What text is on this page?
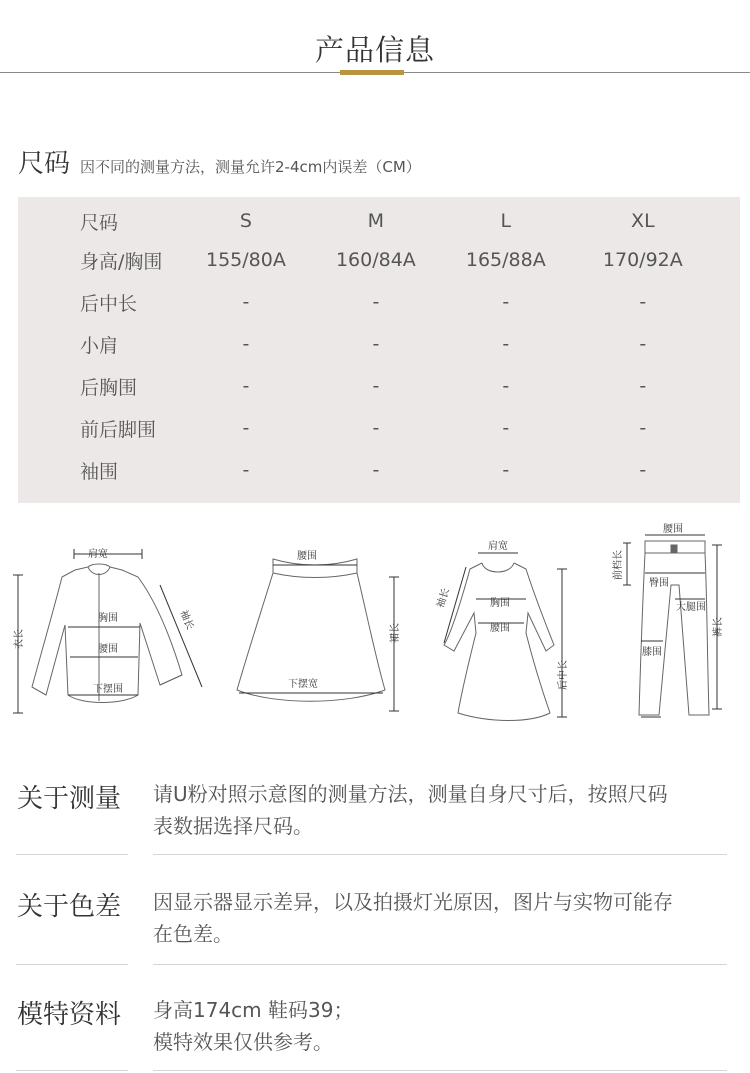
产品信息
尺码 因不同的测量方法，测量允许2-4cm内误差（CM）
尺码	S	M	L	XL
身高/胸围	155/80A	160/84A	165/88A	170/92A
后中长	-	-	-	-
小肩	-	-	-	-
后胸围	-	-	-	-
前后脚围	-	-	-	-
袖围	-	-	-	-
肩宽
胸围
腰围
下摆围
衣长
袖长
腰围
下摆宽
裙长
肩宽
袖长	胸围
腰围
后中长
腰围
前档长
臀围
大腿围
膝围
裤长
关于测量 请U粉对照示意图的测量方法，测量自身尺寸后，按照尺码
表数据选择尺码。
关于色差 因显示器显示差异，以及拍摄灯光原因，图片与实物可能存
在色差。
模特资料 身高174cm 鞋码39；
模特效果仅供参考。
